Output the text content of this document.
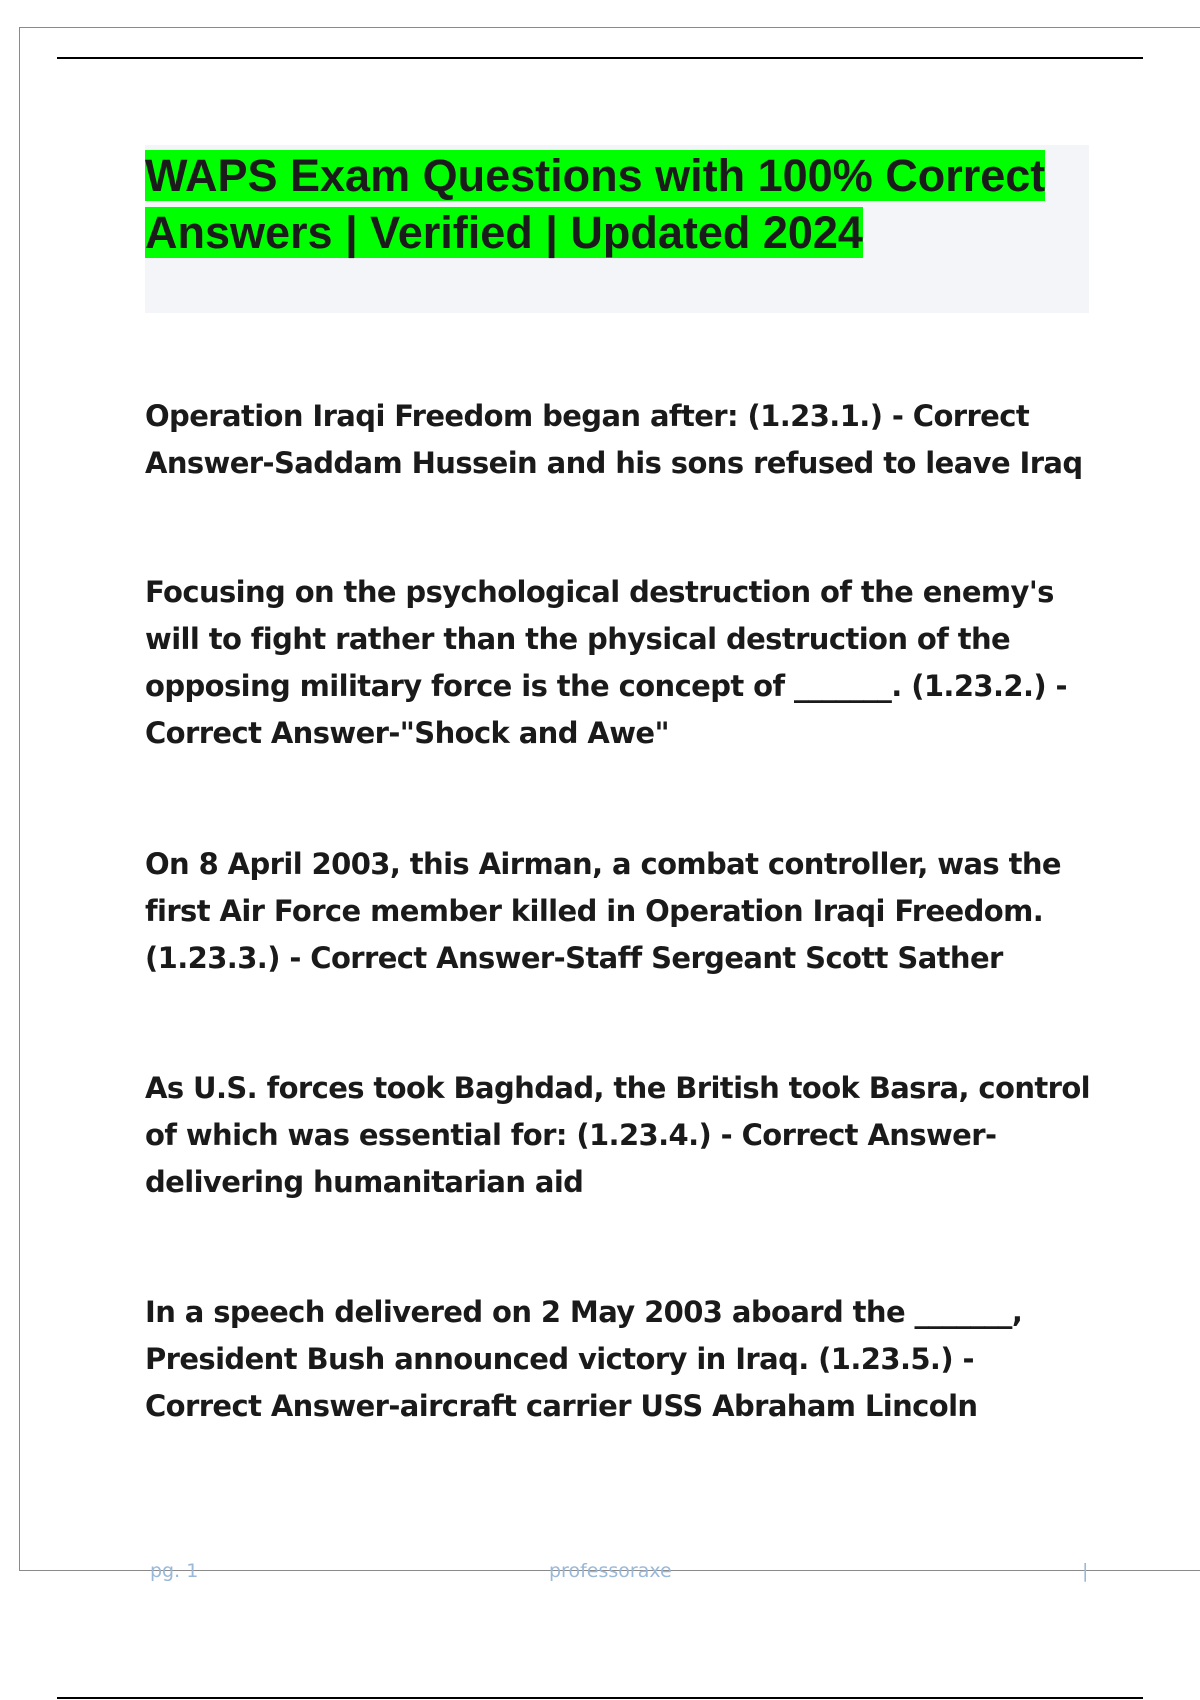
WAPS Exam Questions with 100% Correct Answers | Verified | Updated 2024

Operation Iraqi Freedom began after: (1.23.1.) - Correct Answer-Saddam Hussein and his sons refused to leave Iraq

Focusing on the psychological destruction of the enemy's will to fight rather than the physical destruction of the opposing military force is the concept of _______. (1.23.2.) - Correct Answer-"Shock and Awe"

On 8 April 2003, this Airman, a combat controller, was the first Air Force member killed in Operation Iraqi Freedom. (1.23.3.) - Correct Answer-Staff Sergeant Scott Sather

As U.S. forces took Baghdad, the British took Basra, control of which was essential for: (1.23.4.) - Correct Answer-delivering humanitarian aid

In a speech delivered on 2 May 2003 aboard the _______, President Bush announced victory in Iraq. (1.23.5.) - Correct Answer-aircraft carrier USS Abraham Lincoln

pg. 1	professoraxe	|
